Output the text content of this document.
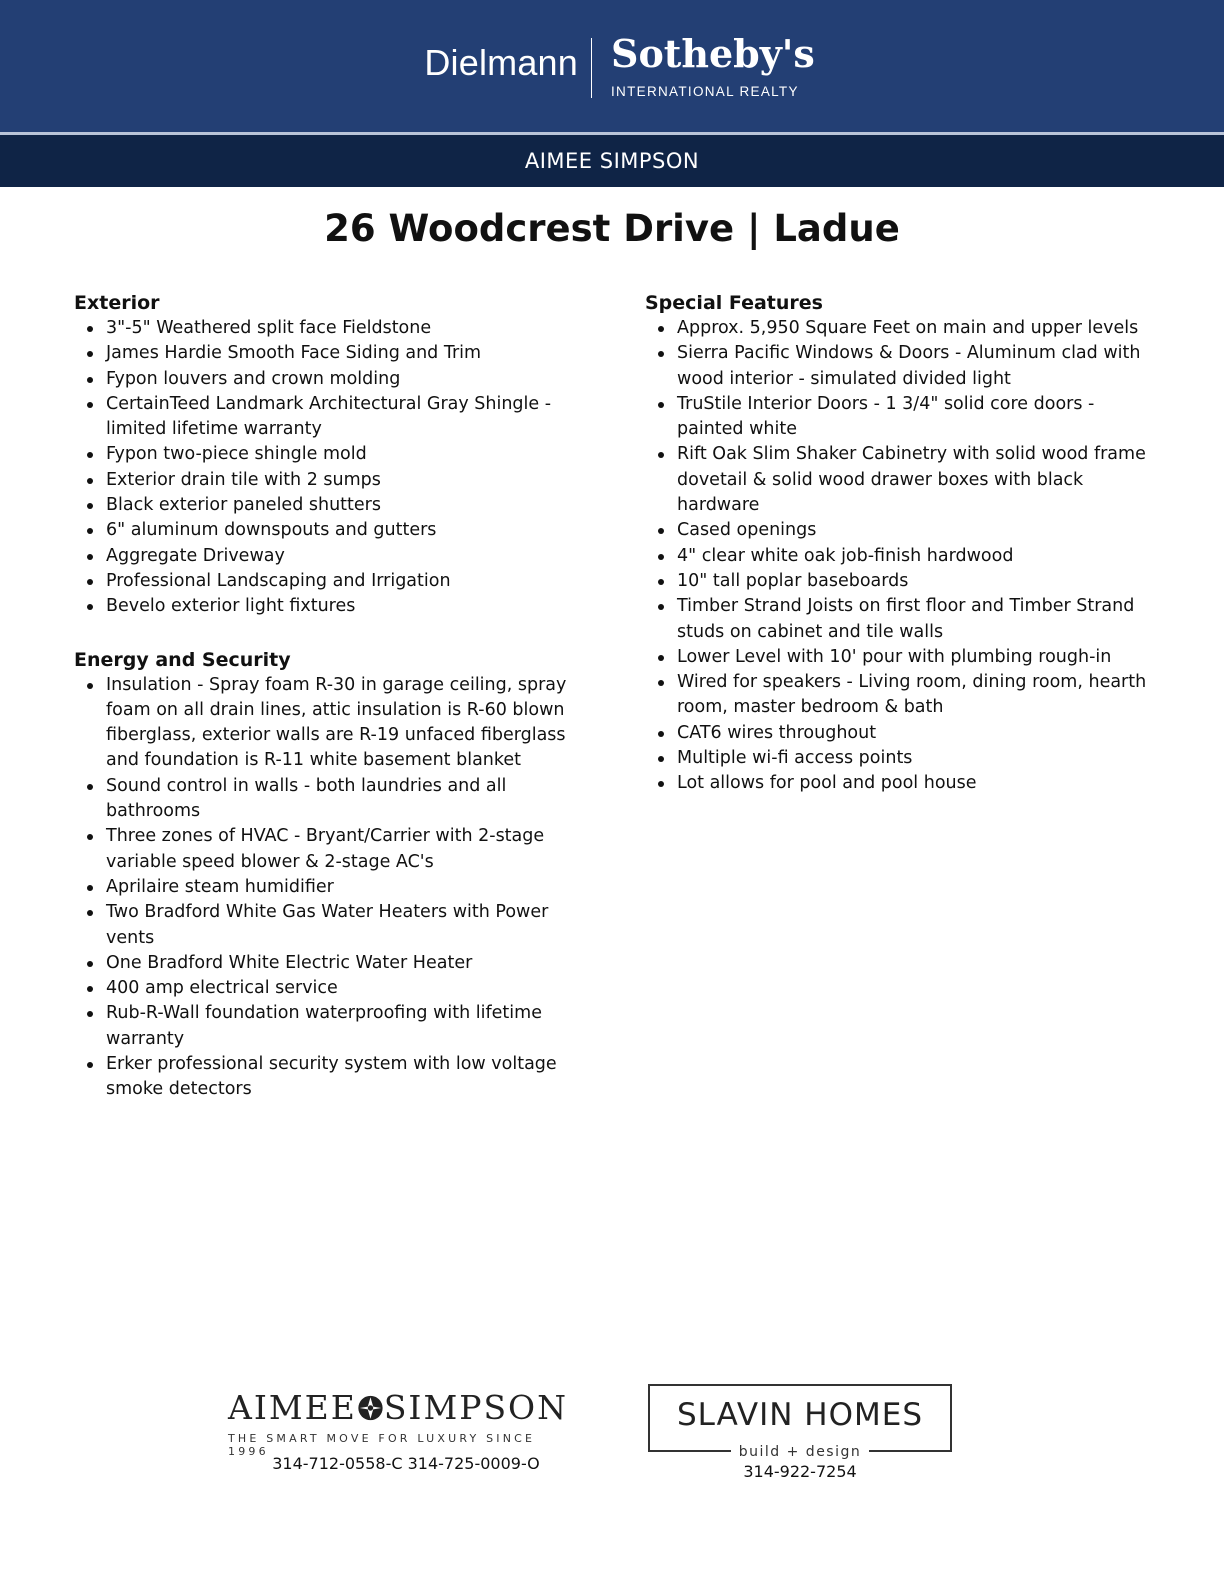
Dielmann Sotheby's
INTERNATIONAL REALTY
AIMEE SIMPSON
26 Woodcrest Drive | Ladue
Exterior
3"-5" Weathered split face Fieldstone
James Hardie Smooth Face Siding and Trim
Fypon louvers and crown molding
CertainTeed Landmark Architectural Gray Shingle - limited lifetime warranty
Fypon two-piece shingle mold
Exterior drain tile with 2 sumps
Black exterior paneled shutters
6" aluminum downspouts and gutters
Aggregate Driveway
Professional Landscaping and Irrigation
Bevelo exterior light fixtures
Energy and Security
Insulation - Spray foam R-30 in garage ceiling, spray foam on all drain lines, attic insulation is R-60 blown fiberglass, exterior walls are R-19 unfaced fiberglass and foundation is R-11 white basement blanket
Sound control in walls - both laundries and all bathrooms
Three zones of HVAC - Bryant/Carrier with 2-stage variable speed blower & 2-stage AC's
Aprilaire steam humidifier
Two Bradford White Gas Water Heaters with Power vents
One Bradford White Electric Water Heater
400 amp electrical service
Rub-R-Wall foundation waterproofing with lifetime warranty
Erker professional security system with low voltage smoke detectors
Special Features
Approx. 5,950 Square Feet on main and upper levels
Sierra Pacific Windows & Doors - Aluminum clad with wood interior - simulated divided light
TruStile Interior Doors - 1 3/4" solid core doors - painted white
Rift Oak Slim Shaker Cabinetry with solid wood frame dovetail & solid wood drawer boxes with black hardware
Cased openings
4" clear white oak job-finish hardwood
10" tall poplar baseboards
Timber Strand Joists on first floor and Timber Strand studs on cabinet and tile walls
Lower Level with 10' pour with plumbing rough-in
Wired for speakers - Living room, dining room, hearth room, master bedroom & bath
CAT6 wires throughout
Multiple wi-fi access points
Lot allows for pool and pool house
AIMEE SIMPSON
THE SMART MOVE FOR LUXURY SINCE 1996
314-712-0558-C 314-725-0009-O
SLAVIN HOMES
build + design
314-922-7254
